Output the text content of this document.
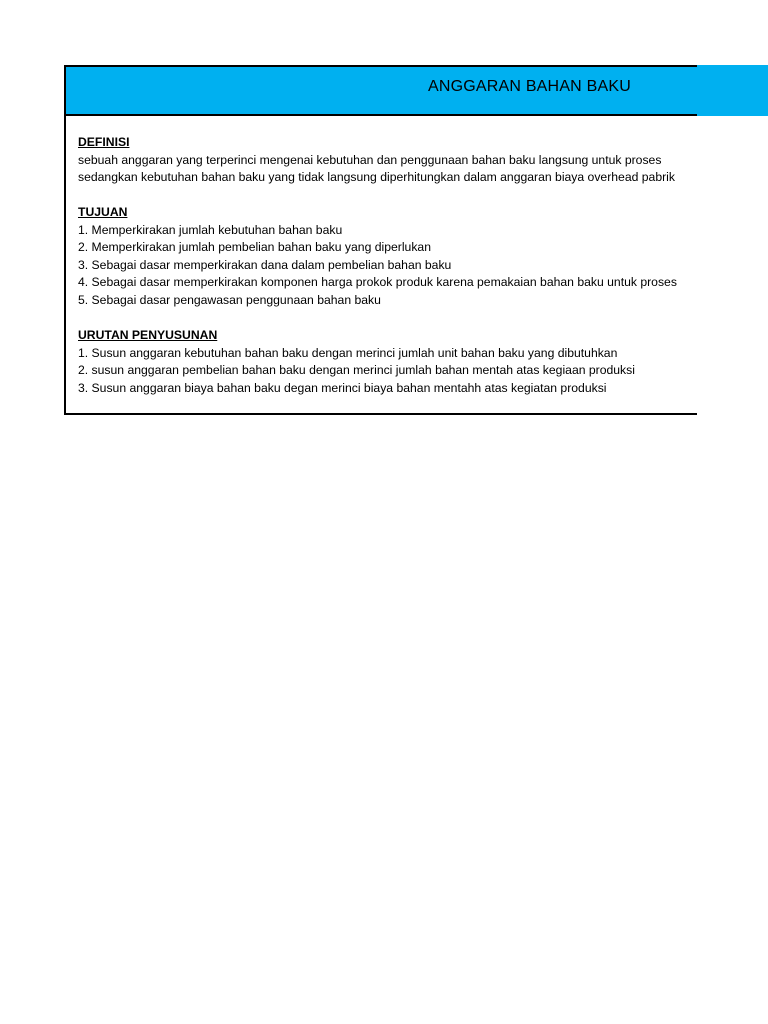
ANGGARAN BAHAN BAKU
DEFINISI
sebuah anggaran yang terperinci mengenai kebutuhan dan penggunaan bahan baku langsung untuk proses
sedangkan kebutuhan bahan baku yang tidak langsung diperhitungkan dalam anggaran biaya overhead pabrik
TUJUAN
1. Memperkirakan jumlah kebutuhan bahan baku
2. Memperkirakan jumlah pembelian bahan baku yang diperlukan
3. Sebagai dasar memperkirakan dana dalam pembelian bahan baku
4. Sebagai dasar memperkirakan komponen harga prokok produk karena pemakaian bahan baku untuk proses
5. Sebagai dasar pengawasan penggunaan bahan baku
URUTAN PENYUSUNAN
1. Susun anggaran kebutuhan bahan baku dengan merinci jumlah unit bahan baku yang dibutuhkan
2. susun anggaran pembelian bahan baku dengan merinci jumlah bahan mentah atas kegiaan produksi
3. Susun anggaran biaya bahan baku degan merinci biaya bahan mentahh atas kegiatan produksi
